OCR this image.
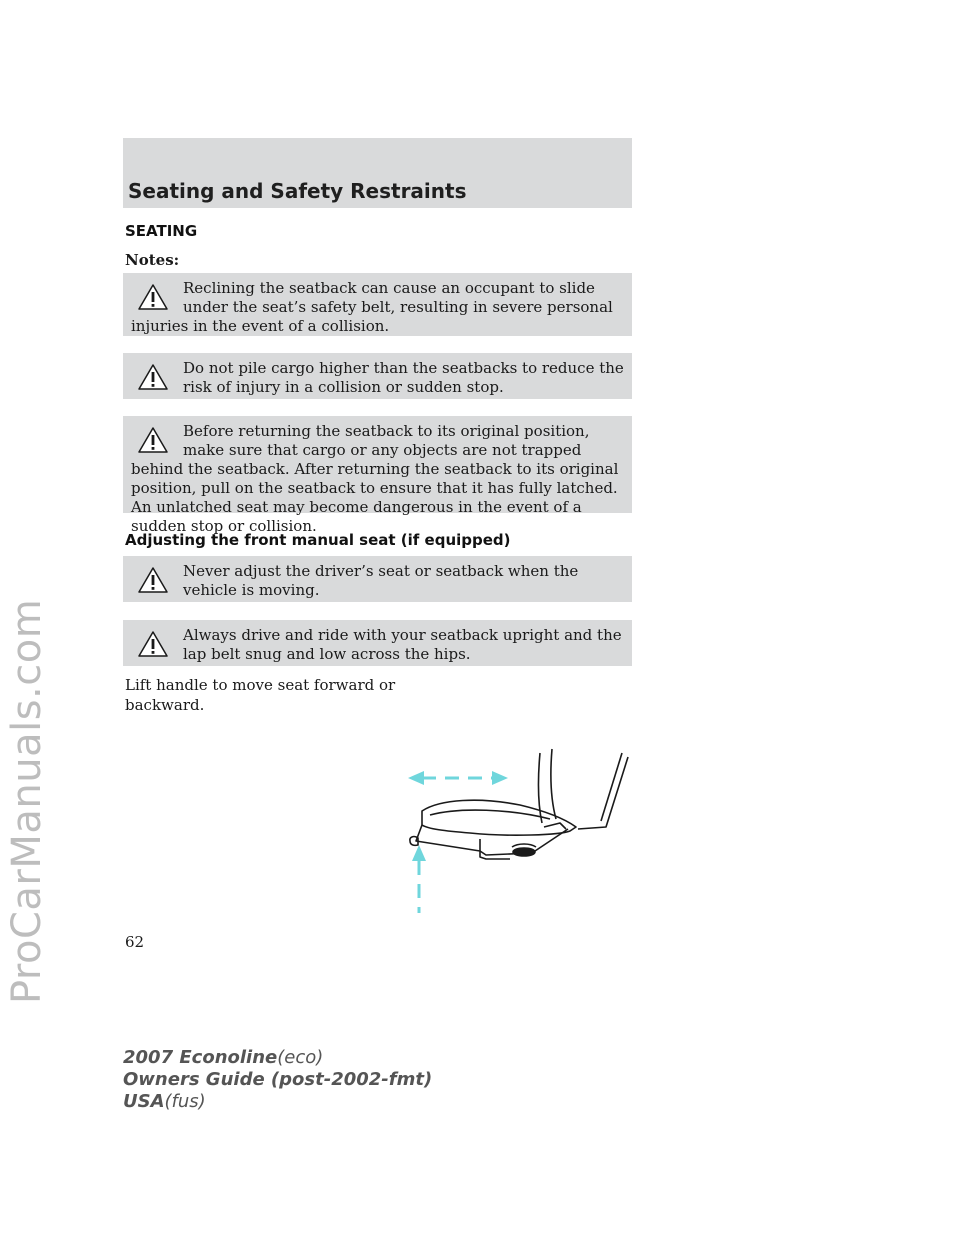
ProCarManuals.com
Seating and Safety Restraints
SEATING
Notes:

Reclining the seatback can cause an occupant to slide under the seat’s safety belt, resulting in severe personal injuries in the event of a collision.

Do not pile cargo higher than the seatbacks to reduce the risk of injury in a collision or sudden stop.

Before returning the seatback to its original position, make sure that cargo or any objects are not trapped behind the seatback. After returning the seatback to its original position, pull on the seatback to ensure that it has fully latched. An unlatched seat may become dangerous in the event of a sudden stop or collision.

Adjusting the front manual seat (if equipped)

Never adjust the driver’s seat or seatback when the vehicle is moving.

Always drive and ride with your seatback upright and the lap belt snug and low across the hips.

Lift handle to move seat forward or backward.

62
2007 Econoline(eco)
Owners Guide (post-2002-fmt)
USA(fus)
